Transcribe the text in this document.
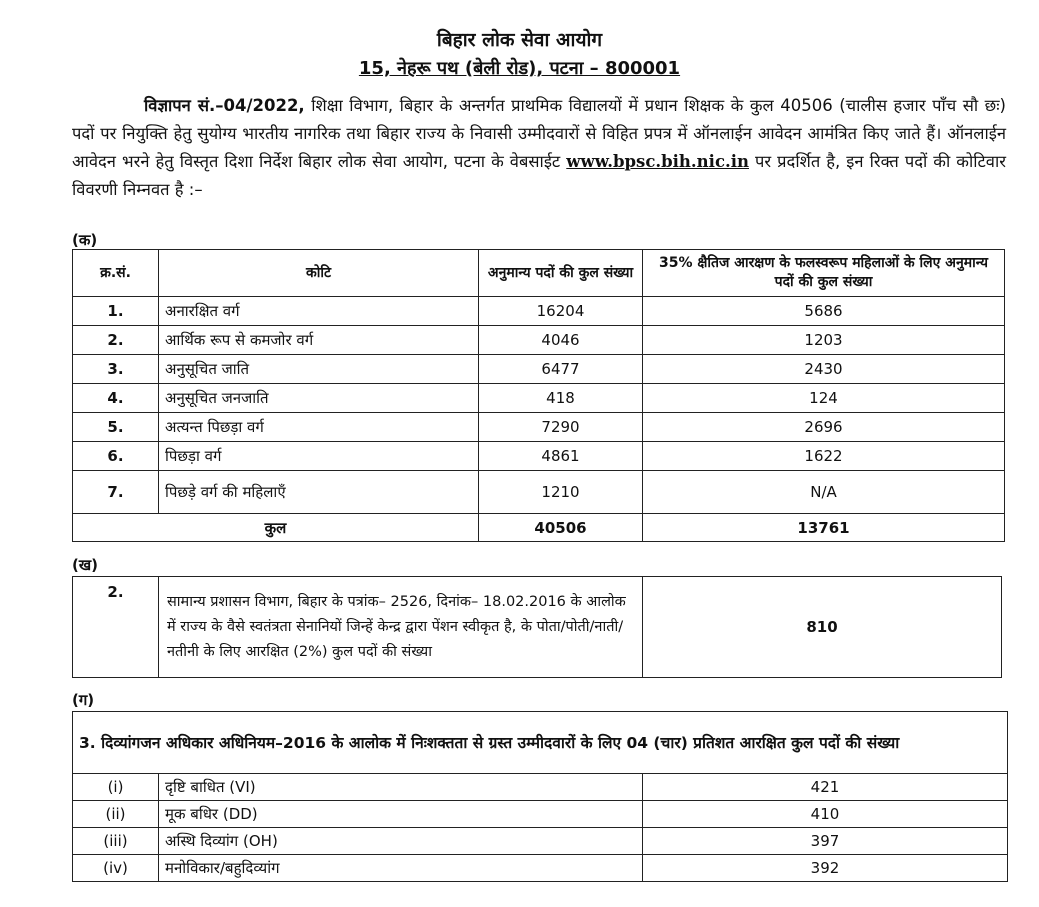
बिहार लोक सेवा आयोग
15, नेहरू पथ (बेली रोड), पटना – 800001
विज्ञापन सं.–04/2022, शिक्षा विभाग, बिहार के अन्तर्गत प्राथमिक विद्यालयों में प्रधान शिक्षक के कुल 40506 (चालीस हजार पाँच सौ छः) पदों पर नियुक्ति हेतु सुयोग्य भारतीय नागरिक तथा बिहार राज्य के निवासी उम्मीदवारों से विहित प्रपत्र में ऑनलाईन आवेदन आमंत्रित किए जाते हैं। ऑनलाईन आवेदन भरने हेतु विस्तृत दिशा निर्देश बिहार लोक सेवा आयोग, पटना के वेबसाईट www.bpsc.bih.nic.in पर प्रदर्शित है, इन रिक्त पदों की कोटिवार विवरणी निम्नवत है :–
(क)
क्र.सं.	कोटि	अनुमान्य पदों की कुल संख्या	35% क्षैतिज आरक्षण के फलस्वरूप महिलाओं के लिए अनुमान्य पदों की कुल संख्या
1.	अनारक्षित वर्ग	16204	5686
2.	आर्थिक रूप से कमजोर वर्ग	4046	1203
3.	अनुसूचित जाति	6477	2430
4.	अनुसूचित जनजाति	418	124
5.	अत्यन्त पिछड़ा वर्ग	7290	2696
6.	पिछड़ा वर्ग	4861	1622
7.	पिछड़े वर्ग की महिलाएँ	1210	N/A
कुल		40506	13761
(ख)
2.	सामान्य प्रशासन विभाग, बिहार के पत्रांक– 2526, दिनांक– 18.02.2016 के आलोक में राज्य के वैसे स्वतंत्रता सेनानियों जिन्हें केन्द्र द्वारा पेंशन स्वीकृत है, के पोता/पोती/नाती/नतीनी के लिए आरक्षित (2%) कुल पदों की संख्या	810
(ग)
3. दिव्यांगजन अधिकार अधिनियम–2016 के आलोक में निःशक्तता से ग्रस्त उम्मीदवारों के लिए 04 (चार) प्रतिशत आरक्षित कुल पदों की संख्या		
(i)	दृष्टि बाधित (VI)	421
(ii)	मूक बधिर (DD)	410
(iii)	अस्थि दिव्यांग (OH)	397
(iv)	मनोविकार/बहुदिव्यांग	392
